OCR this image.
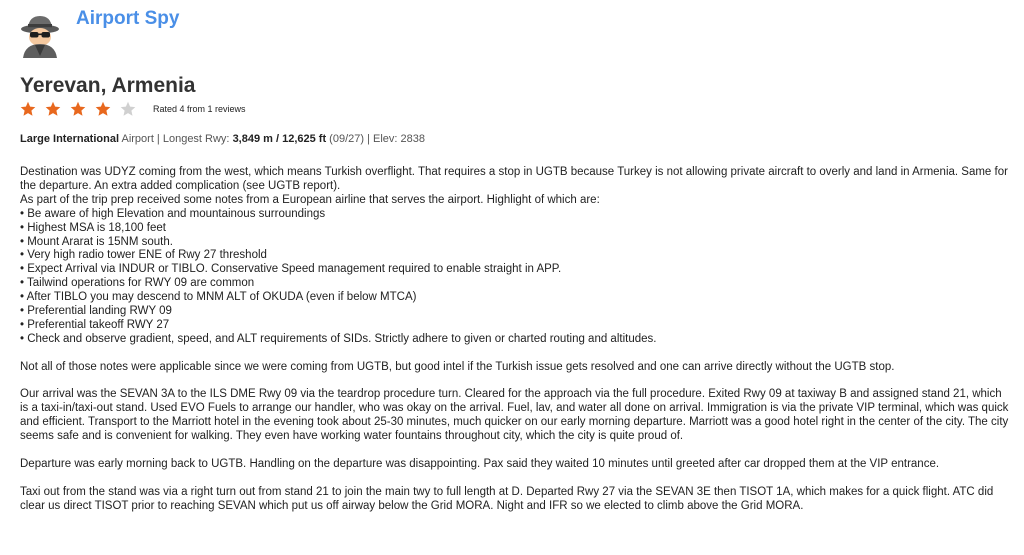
Airport Spy
Yerevan, Armenia
Rated 4 from 1 reviews
Large International Airport | Longest Rwy: 3,849 m / 12,625 ft (09/27) | Elev: 2838
Destination was UDYZ coming from the west, which means Turkish overflight. That requires a stop in UGTB because Turkey is not allowing private aircraft to overly and land in Armenia. Same for the departure. An extra added complication (see UGTB report).
As part of the trip prep received some notes from a European airline that serves the airport. Highlight of which are:
• Be aware of high Elevation and mountainous surroundings
• Highest MSA is 18,100 feet
• Mount Ararat is 15NM south.
• Very high radio tower ENE of Rwy 27 threshold
• Expect Arrival via INDUR or TIBLO. Conservative Speed management required to enable straight in APP.
• Tailwind operations for RWY 09 are common
• After TIBLO you may descend to MNM ALT of OKUDA (even if below MTCA)
• Preferential landing RWY 09
• Preferential takeoff RWY 27
• Check and observe gradient, speed, and ALT requirements of SIDs. Strictly adhere to given or charted routing and altitudes.

Not all of those notes were applicable since we were coming from UGTB, but good intel if the Turkish issue gets resolved and one can arrive directly without the UGTB stop.

Our arrival was the SEVAN 3A to the ILS DME Rwy 09 via the teardrop procedure turn. Cleared for the approach via the full procedure. Exited Rwy 09 at taxiway B and assigned stand 21, which is a taxi-in/taxi-out stand. Used EVO Fuels to arrange our handler, who was okay on the arrival. Fuel, lav, and water all done on arrival. Immigration is via the private VIP terminal, which was quick and efficient. Transport to the Marriott hotel in the evening took about 25-30 minutes, much quicker on our early morning departure. Marriott was a good hotel right in the center of the city. The city seems safe and is convenient for walking. They even have working water fountains throughout city, which the city is quite proud of.

Departure was early morning back to UGTB. Handling on the departure was disappointing. Pax said they waited 10 minutes until greeted after car dropped them at the VIP entrance.

Taxi out from the stand was via a right turn out from stand 21 to join the main twy to full length at D. Departed Rwy 27 via the SEVAN 3E then TISOT 1A, which makes for a quick flight. ATC did clear us direct TISOT prior to reaching SEVAN which put us off airway below the Grid MORA. Night and IFR so we elected to climb above the Grid MORA.
